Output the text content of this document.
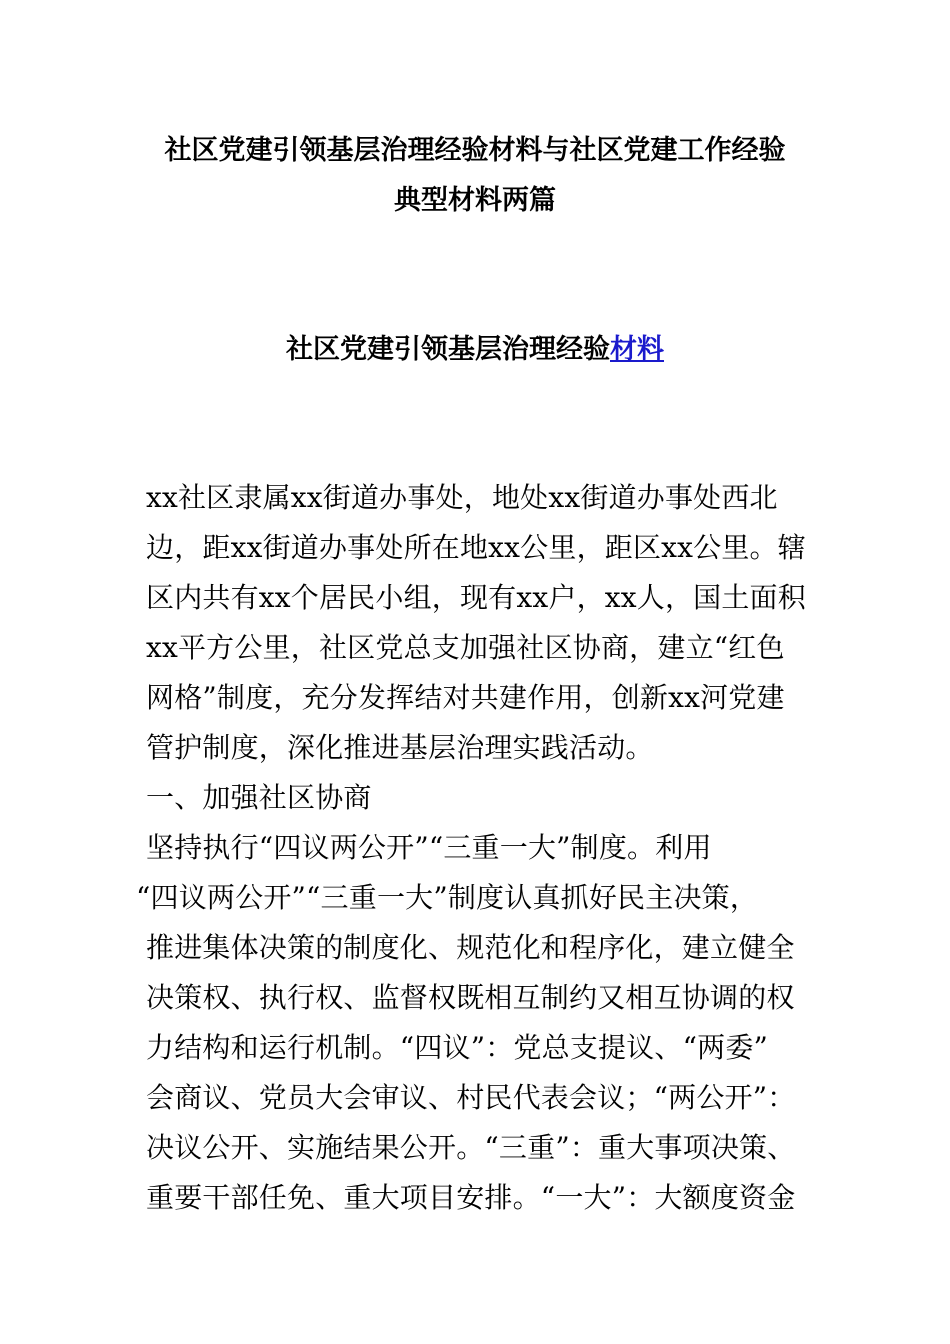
社区党建引领基层治理经验材料与社区党建工作经验
典型材料两篇
社区党建引领基层治理经验材料

xx社区隶属xx街道办事处，地处xx街道办事处西北

边，距xx街道办事处所在地xx公里，距区xx公里。辖

区内共有xx个居民小组，现有xx户，xx人，国土面积

xx平方公里，社区党总支加强社区协商，建立“红色

网格”制度，充分发挥结对共建作用，创新xx河党建

管护制度，深化推进基层治理实践活动。

一、加强社区协商

坚持执行“四议两公开”“三重一大”制度。利用

“四议两公开”“三重一大”制度认真抓好民主决策，

推进集体决策的制度化、规范化和程序化，建立健全

决策权、执行权、监督权既相互制约又相互协调的权

力结构和运行机制。“四议”：党总支提议、“两委”

会商议、党员大会审议、村民代表会议；“两公开”：

决议公开、实施结果公开。“三重”：重大事项决策、

重要干部任免、重大项目安排。“一大”：大额度资金
